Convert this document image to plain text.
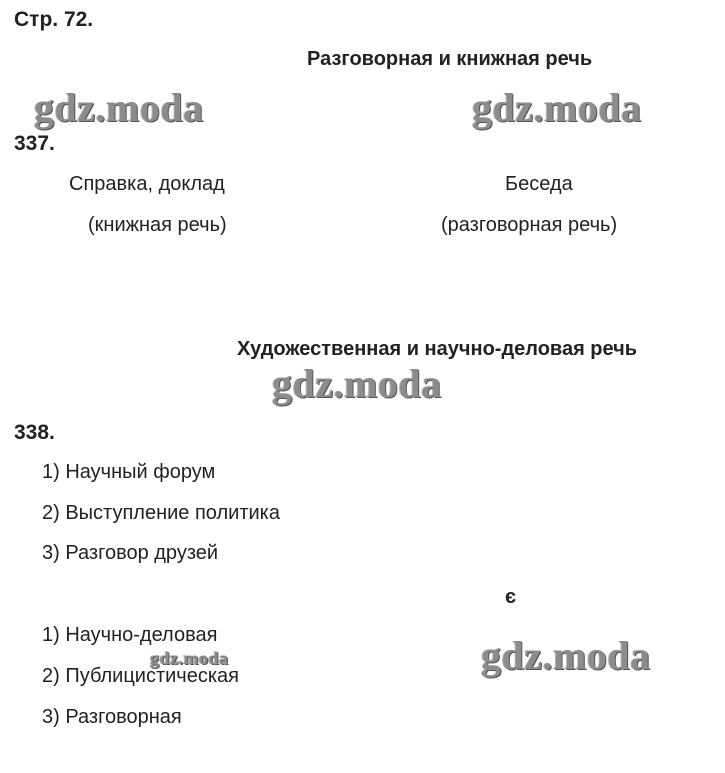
Стр. 72.
Разговорная и книжная речь
gdz.moda	gdz.moda
337.
Справка, доклад
(книжная речь)
Беседа
(разговорная речь)
Художественная и научно-деловая речь
gdz.moda
338.
1) Научный форум
2) Выступление политика
3) Разговор друзей
є
1) Научно-деловая
gdz.moda	gdz.moda
2) Публицистическая
3) Разговорная
